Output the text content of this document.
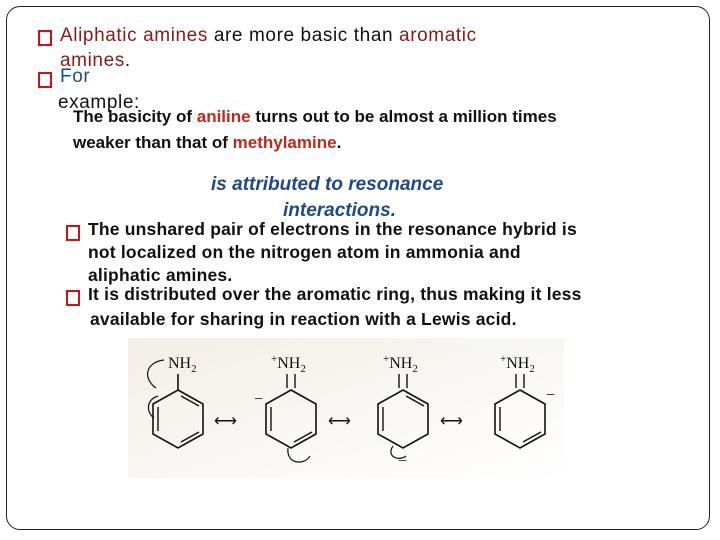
Aliphatic amines are more basic than aromatic

amines.

For

example:

The basicity of aniline turns out to be almost a million times

weaker than that of methylamine.

is attributed to resonance

interactions.

The unshared pair of electrons in the resonance hybrid is

not localized on the nitrogen atom in ammonia and

aliphatic amines.

It is distributed over the aromatic ring, thus making it less

available for sharing in reaction with a Lewis acid.

$NH_2$
⟷
$^+NH_2$
−
⟷
$^+NH_2$
−
⟷
$^+NH_2$
−
